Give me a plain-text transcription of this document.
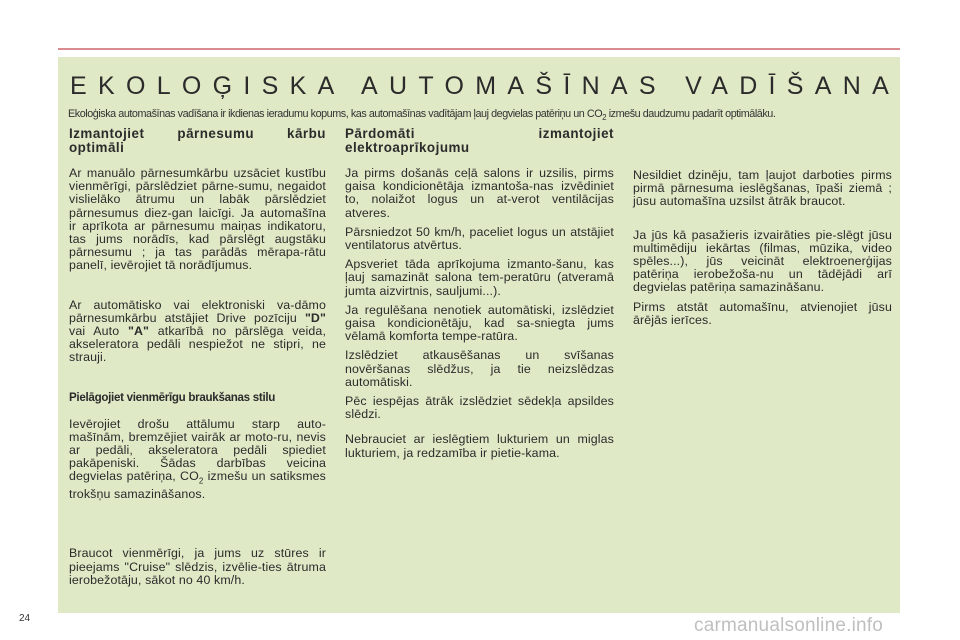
EKOLOĢISKA AUTOMAŠĪNAS VADĪŠANA
Ekoloģiska automašīnas vadīšana ir ikdienas ieradumu kopums, kas automašīnas vadītājam ļauj degvielas patēriņu un $CO_2$ izmešu daudzumu padarīt optimālāku.
Izmantojiet pārnesumu kārbu optimāli

Ar manuālo pārnesumkārbu uzsāciet kustību vienmērīgi, pārslēdziet pārne-sumu, negaidot vislielāko ātrumu un labāk pārslēdziet pārnesumus diez-gan laicīgi. Ja automašīna ir aprīkota ar pārnesumu maiņas indikatoru, tas jums norādīs, kad pārslēgt augstāku pārnesumu ; ja tas parādās mērapa-rātu panelī, ievērojiet tā norādījumus.

Ar automātisko vai elektroniski va-dāmo pārnesumkārbu atstājiet Drive pozīciju "D" vai Auto "A" atkarībā no pārslēga veida, akseleratora pedāli nespiežot ne stipri, ne strauji.

Pielāgojiet vienmērīgu braukšanas stilu

Ievērojiet drošu attālumu starp auto-mašīnām, bremzējiet vairāk ar moto-ru, nevis ar pedāli, akseleratora pedāli spiediet pakāpeniski. Šādas darbības veicina degvielas patēriņa, $CO_2$ izmešu un satiksmes trokšņu samazināšanos.

Braucot vienmērīgi, ja jums uz stūres ir pieejams "Cruise" slēdzis, izvēlie-ties ātruma ierobežotāju, sākot no 40 km/h.

Pārdomāti izmantojiet elektroaprīkojumu

Ja pirms došanās ceļā salons ir uzsilis, pirms gaisa kondicionētāja izmantoša-nas izvēdiniet to, nolaižot logus un at-verot ventilācijas atveres.

Pārsniedzot 50 km/h, paceliet logus un atstājiet ventilatorus atvērtus.

Apsveriet tāda aprīkojuma izmanto-šanu, kas ļauj samazināt salona tem-peratūru (atveramā jumta aizvirtnis, sauljumi...).

Ja regulēšana nenotiek automātiski, izslēdziet gaisa kondicionētāju, kad sa-sniegta jums vēlamā komforta tempe-ratūra.

Izslēdziet atkausēšanas un svīšanas novēršanas slēdžus, ja tie neizslēdzas automātiski.

Pēc iespējas ātrāk izslēdziet sēdekļa apsildes slēdzi.

Nebrauciet ar ieslēgtiem lukturiem un miglas lukturiem, ja redzamība ir pietie-kama.

Nesildiet dzinēju, tam ļaujot darboties pirms pirmā pārnesuma ieslēgšanas, īpaši ziemā ; jūsu automašīna uzsilst ātrāk braucot.

Ja jūs kā pasažieris izvairāties pie-slēgt jūsu multimēdiju iekārtas (filmas, mūzika, video spēles...), jūs veicināt elektroenerģijas patēriņa ierobežoša-nu un tādējādi arī degvielas patēriņa samazināšanu.

Pirms atstāt automašīnu, atvienojiet jūsu ārējās ierīces.

24	carmanualsonline.info
